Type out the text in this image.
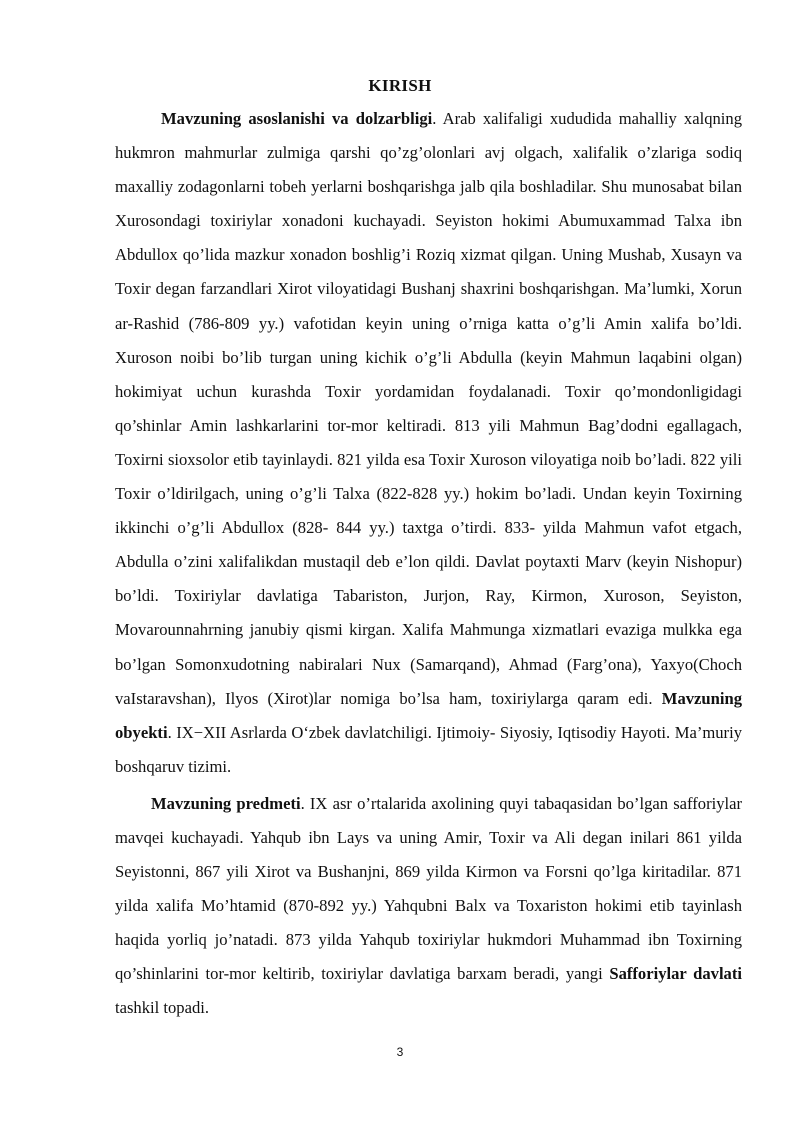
KIRISH

Mavzuning asoslanishi va dolzarbligi. Arab xalifaligi xududida mahalliy xalqning hukmron mahmurlar zulmiga qarshi qo’zg’olonlari avj olgach, xalifalik o’zlariga sodiq maxalliy zodagonlarni tobeh yerlarni boshqarishga jalb qila boshladilar. Shu munosabat bilan Xurosondagi toxiriylar xonadoni kuchayadi. Seyiston hokimi Abumuxammad Talxa ibn Abdullox qo’lida mazkur xonadon boshlig’i Roziq xizmat qilgan. Uning Mushab, Xusayn va Toxir degan farzandlari Xirot viloyatidagi Bushanj shaxrini boshqarishgan. Ma’lumki, Xorun ar-Rashid (786-809 yy.) vafotidan keyin uning o’rniga katta o’g’li Amin xalifa bo’ldi. Xuroson noibi bo’lib turgan uning kichik o’g’li Abdulla (keyin Mahmun laqabini olgan) hokimiyat uchun kurashda Toxir yordamidan foydalanadi. Toxir qo’mondonligidagi qo’shinlar Amin lashkarlarini tor-mor keltiradi. 813 yili Mahmun Bag’dodni egallagach, Toxirni sioxsolor etib tayinlaydi. 821 yilda esa Toxir Xuroson viloyatiga noib bo’ladi. 822 yili Toxir o’ldirilgach, uning o’g’li Talxa (822-828 yy.) hokim bo’ladi. Undan keyin Toxirning ikkinchi o’g’li Abdullox (828- 844 yy.) taxtga o’tirdi. 833- yilda Mahmun vafot etgach, Abdulla o’zini xalifalikdan mustaqil deb e’lon qildi. Davlat poytaxti Marv (keyin Nishopur) bo’ldi. Toxiriylar davlatiga Tabariston, Jurjon, Ray, Kirmon, Xuroson, Seyiston, Movarounnahrning janubiy qismi kirgan. Xalifa Mahmunga xizmatlari evaziga mulkka ega bo’lgan Somonxudotning nabiralari Nux (Samarqand), Ahmad (Farg’ona), Yaxyo(Choch vaIstaravshan), Ilyos (Xirot)lar nomiga bo’lsa ham, toxiriylarga qaram edi. Mavzuning obyekti. IX−XII Asrlarda O‘zbek davlatchiligi. Ijtimoiy- Siyosiy, Iqtisodiy Hayoti. Ma’muriy boshqaruv tizimi.

Mavzuning predmeti. IX asr o’rtalarida axolining quyi tabaqasidan bo’lgan safforiylar mavqei kuchayadi. Yahqub ibn Lays va uning Amir, Toxir va Ali degan inilari 861 yilda Seyistonni, 867 yili Xirot va Bushanjni, 869 yilda Kirmon va Forsni qo’lga kiritadilar. 871 yilda xalifa Mo’htamid (870-892 yy.) Yahqubni Balx va Toxariston hokimi etib tayinlash haqida yorliq jo’natadi. 873 yilda Yahqub toxiriylar hukmdori Muhammad ibn Toxirning qo’shinlarini tor-mor keltirib, toxiriylar davlatiga barxam beradi, yangi Safforiylar davlati tashkil topadi.

3
